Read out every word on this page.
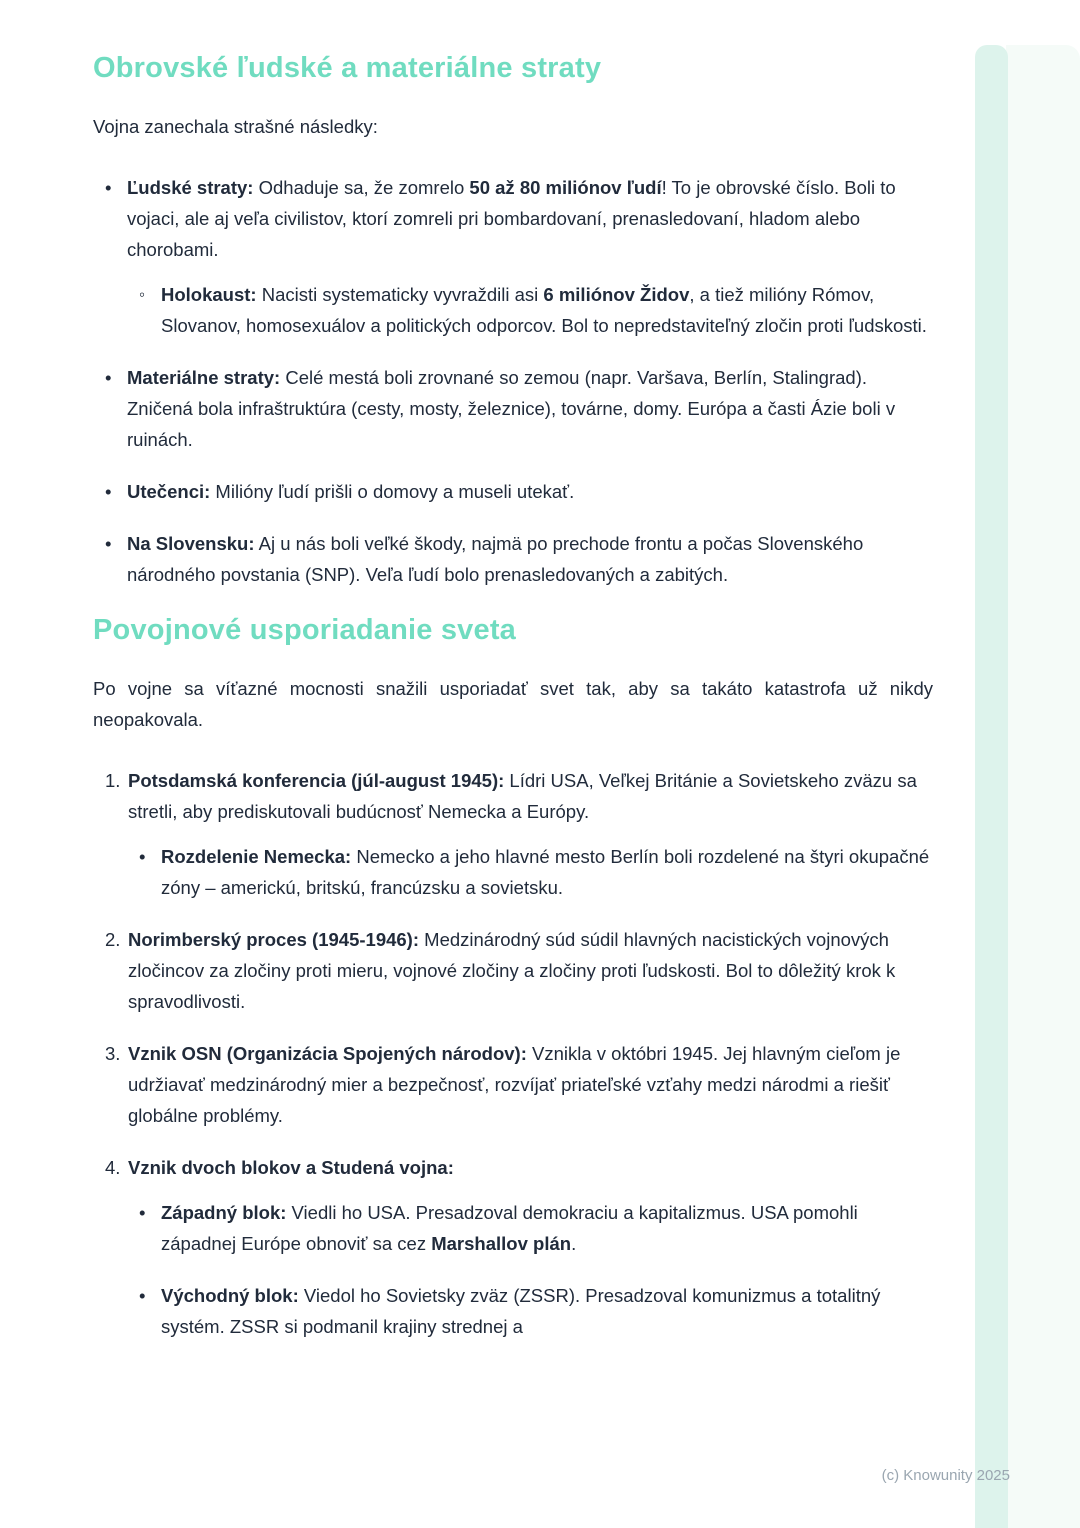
Obrovské ľudské a materiálne straty

Vojna zanechala strašné následky:

• Ľudské straty: Odhaduje sa, že zomrelo 50 až 80 miliónov ľudí! To je obrovské číslo. Boli to vojaci, ale aj veľa civilistov, ktorí zomreli pri bombardovaní, prenasledovaní, hladom alebo chorobami.
◦ Holokaust: Nacisti systematicky vyvraždili asi 6 miliónov Židov, a tiež milióny Rómov, Slovanov, homosexuálov a politických odporcov. Bol to nepredstaviteľný zločin proti ľudskosti.
• Materiálne straty: Celé mestá boli zrovnané so zemou (napr. Varšava, Berlín, Stalingrad). Zničená bola infraštruktúra (cesty, mosty, železnice), továrne, domy. Európa a časti Ázie boli v ruinách.
• Utečenci: Milióny ľudí prišli o domovy a museli utekať.
• Na Slovensku: Aj u nás boli veľké škody, najmä po prechode frontu a počas Slovenského národného povstania (SNP). Veľa ľudí bolo prenasledovaných a zabitých.
Povojnové usporiadanie sveta

Po vojne sa víťazné mocnosti snažili usporiadať svet tak, aby sa takáto katastrofa už nikdy neopakovala.

1. Potsdamská konferencia (júl-august 1945): Lídri USA, Veľkej Británie a Sovietskeho zväzu sa stretli, aby prediskutovali budúcnosť Nemecka a Európy.
• Rozdelenie Nemecka: Nemecko a jeho hlavné mesto Berlín boli rozdelené na štyri okupačné zóny – americkú, britskú, francúzsku a sovietsku.
2. Norimberský proces (1945-1946): Medzinárodný súd súdil hlavných nacistických vojnových zločincov za zločiny proti mieru, vojnové zločiny a zločiny proti ľudskosti. Bol to dôležitý krok k spravodlivosti.
3. Vznik OSN (Organizácia Spojených národov): Vznikla v októbri 1945. Jej hlavným cieľom je udržiavať medzinárodný mier a bezpečnosť, rozvíjať priateľské vzťahy medzi národmi a riešiť globálne problémy.
4. Vznik dvoch blokov a Studená vojna:
• Západný blok: Viedli ho USA. Presadzoval demokraciu a kapitalizmus. USA pomohli západnej Európe obnoviť sa cez Marshallov plán.
• Východný blok: Viedol ho Sovietsky zväz (ZSSR). Presadzoval komunizmus a totalitný systém. ZSSR si podmanil krajiny strednej a
(c) Knowunity 2025
